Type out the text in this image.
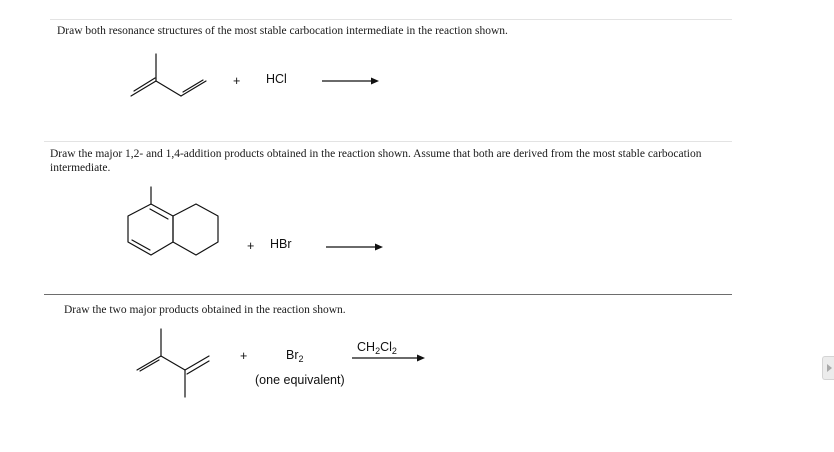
Draw both resonance structures of the most stable carbocation intermediate in the reaction shown.
+ HCl
Draw the major 1,2- and 1,4-addition products obtained in the reaction shown. Assume that both are derived from the most stable carbocation intermediate.
+ HBr
Draw the two major products obtained in the reaction shown.
+	$Br_2$
(one equivalent)
$CH_2Cl_2$
